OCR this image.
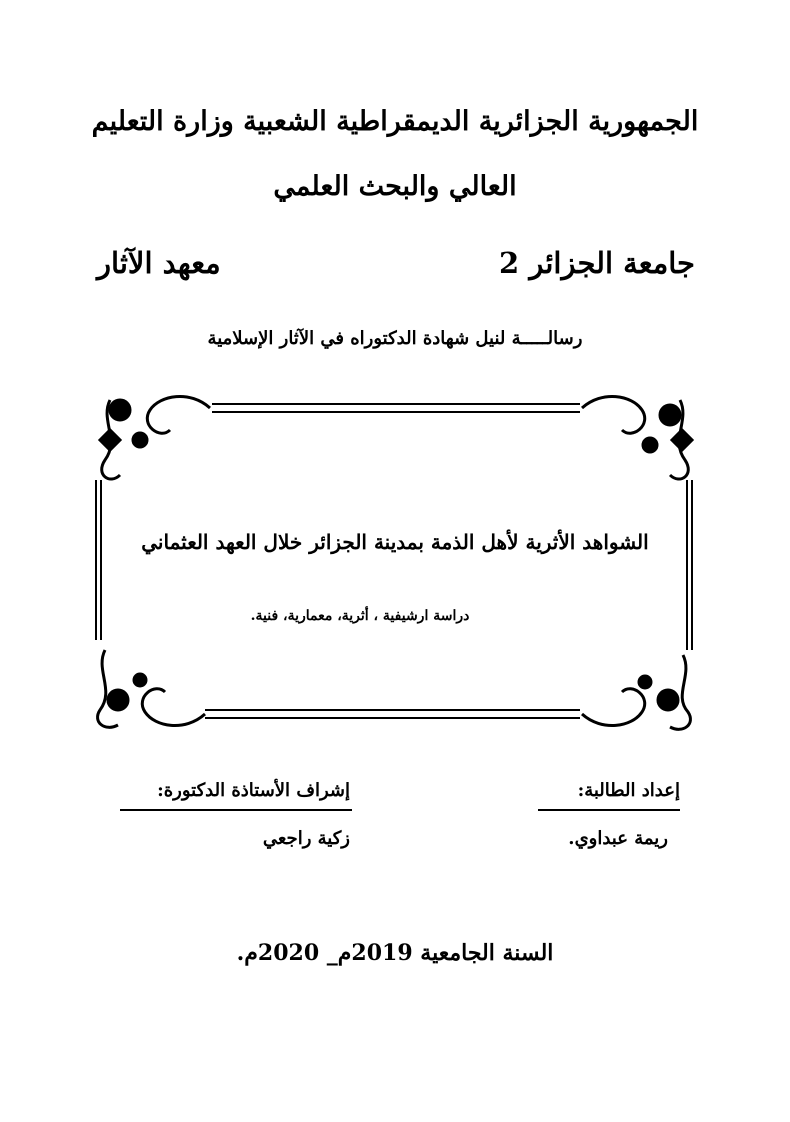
الجمهورية الجزائرية الديمقراطية الشعبية وزارة التعليم
العالي والبحث العلمي
جامعة الجزائر 2
معهد الآثار
رسالـــــة لنيل شهادة الدكتوراه في الآثار الإسلامية
الشواهد الأثرية لأهل الذمة بمدينة الجزائر خلال العهد العثماني
دراسة ارشيفية ، أثرية، معمارية، فنية.
إعداد الطالبة:
إشراف الأستاذة الدكتورة:
ريمة عبداوي.
زكية راجعي
السنة الجامعية 2019م_ 2020م.
